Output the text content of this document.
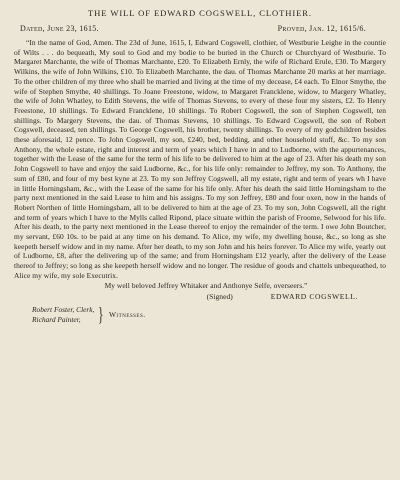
THE WILL OF EDWARD COGSWELL, CLOTHIER.
Dated, June 23, 1615.	Proved, Jan. 12, 1615/6.

“In the name of God, Amen. The 23d of June, 1615, I, Edward Cogswell, clothier, of Westburie Leighe in the countie of Wilts . . . do bequeath, My soul to God and my bodie to be buried in the Church or Churchyard of Westburie. To Margaret Marchante, the wife of Thomas Marchante, £20. To Elizabeth Ernly, the wife of Richard Erule, £30. To Margery Wilkins, the wife of John Wilkins, £10. To Elizabeth Marchante, the dau. of Thomas Marchante 20 marks at her marriage. To the other children of my three who shall be married and living at the time of my decease, £4 each. To Elnor Smythe, the wife of Stephen Smythe, 40 shillings. To Joane Freestone, widow, to Margaret Francklene, widow, to Margery Whatley, the wife of John Whatley, to Edith Stevens, the wife of Thomas Stevens, to every of these four my sisters, £2. To Henry Freestone, 10 shillings. To Edward Francklene, 10 shillings. To Robert Cogswell, the son of Stephen Cogswell, ten shillings. To Margery Stevens, the dau. of Thomas Stevens, 10 shillings. To Edward Cogswell, the son of Robert Cogswell, deceased, ten shillings. To George Cogswell, his brother, twenty shillings. To every of my godchildren besides these aforesaid, 12 pence. To John Cogswell, my son, £240, bed, bedding, and other household stuff, &c. To my son Anthony, the whole estate, right and interest and term of years which I have in and to Ludborne, with the appurtenances, together with the Lease of the same for the term of his life to be delivered to him at the age of 23. After his death my son John Cogswell to have and enjoy the said Ludborne, &c., for his life only: remainder to Jeffrey, my son. To Anthony, the sum of £80, and four of my best kyne at 23. To my son Jeffrey Cogswell, all my estate, right and term of years wh I have in little Horningsham, &c., with the Lease of the same for his life only. After his death the said little Horningsham to the party next mentioned in the said Lease to him and his assigns. To my son Jeffrey, £80 and four oxen, now in the hands of Robert Northen of little Horningsham, all to be delivered to him at the age of 23. To my son, John Cogswell, all the right and term of years which I have to the Mylls called Ripond, place situate within the parish of Froome, Selwood for his life. After his death, to the party next mentioned in the Lease thereof to enjoy the remainder of the term. I owe John Boutcher, my servant, £60 10s. to be paid at any time on his demand. To Alice, my wife, my dwelling house, &c., so long as she keepeth herself widow and in my name. After her death, to my son John and his heirs forever. To Alice my wife, yearly out of Ludborne, £8, after the delivering up of the same; and from Horningsham £12 yearly, after the delivery of the Lease thereof to Jeffrey; so long as she keepeth herself widow and no longer. The residue of goods and chattels unbequeathed, to Alice my wife, my sole Executrix.

My well beloved Jeffrey Whitaker and Anthonye Selfe, overseers.”

(Signed)	EDWARD COGSWELL.
Robert Foster, Clerk,
Richard Painter, } Witnesses.
